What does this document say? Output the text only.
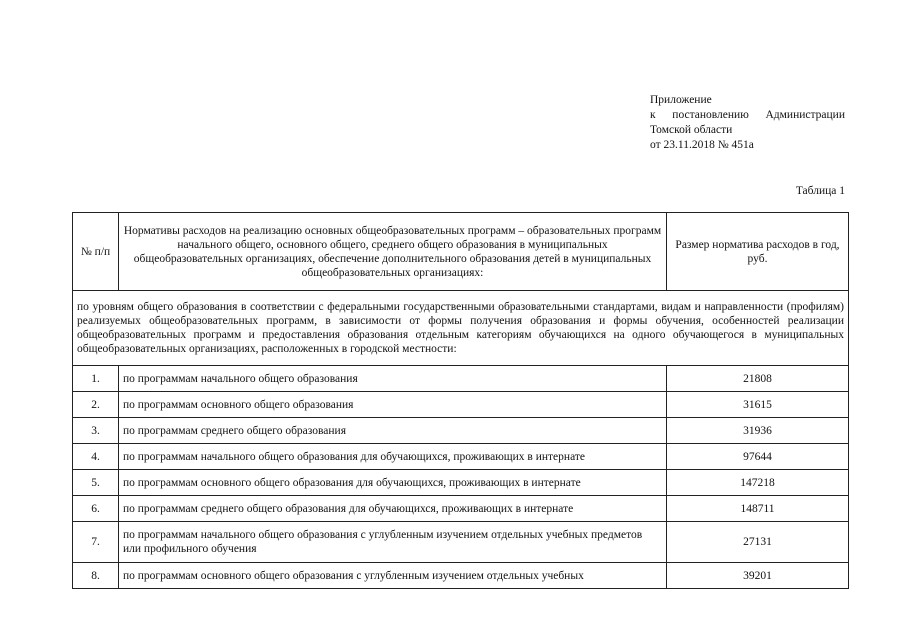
Приложение
к постановлению Администрации
Томской области
от 23.11.2018 № 451а
Таблица 1
№ п/п	Нормативы расходов на реализацию основных общеобразовательных программ – образовательных программ начального общего, основного общего, среднего общего образования в муниципальных общеобразовательных организациях, обеспечение дополнительного образования детей в муниципальных общеобразовательных организациях:	Размер норматива расходов в год, руб.
по уровням общего образования в соответствии с федеральными государственными образовательными стандартами, видам и направленности (профилям) реализуемых общеобразовательных программ, в зависимости от формы получения образования и формы обучения, особенностей реализации общеобразовательных программ и предоставления образования отдельным категориям обучающихся на одного обучающегося в муниципальных общеобразовательных организациях, расположенных в городской местности:		
1.	по программам начального общего образования	21808
2.	по программам основного общего образования	31615
3.	по программам среднего общего образования	31936
4.	по программам начального общего образования для обучающихся, проживающих в интернате	97644
5.	по программам основного общего образования для обучающихся, проживающих в интернате	147218
6.	по программам среднего общего образования для обучающихся, проживающих в интернате	148711
7.	по программам начального общего образования с углубленным изучением отдельных учебных предметов или профильного обучения	27131
8.	по программам основного общего образования с углубленным изучением отдельных учебных	39201
